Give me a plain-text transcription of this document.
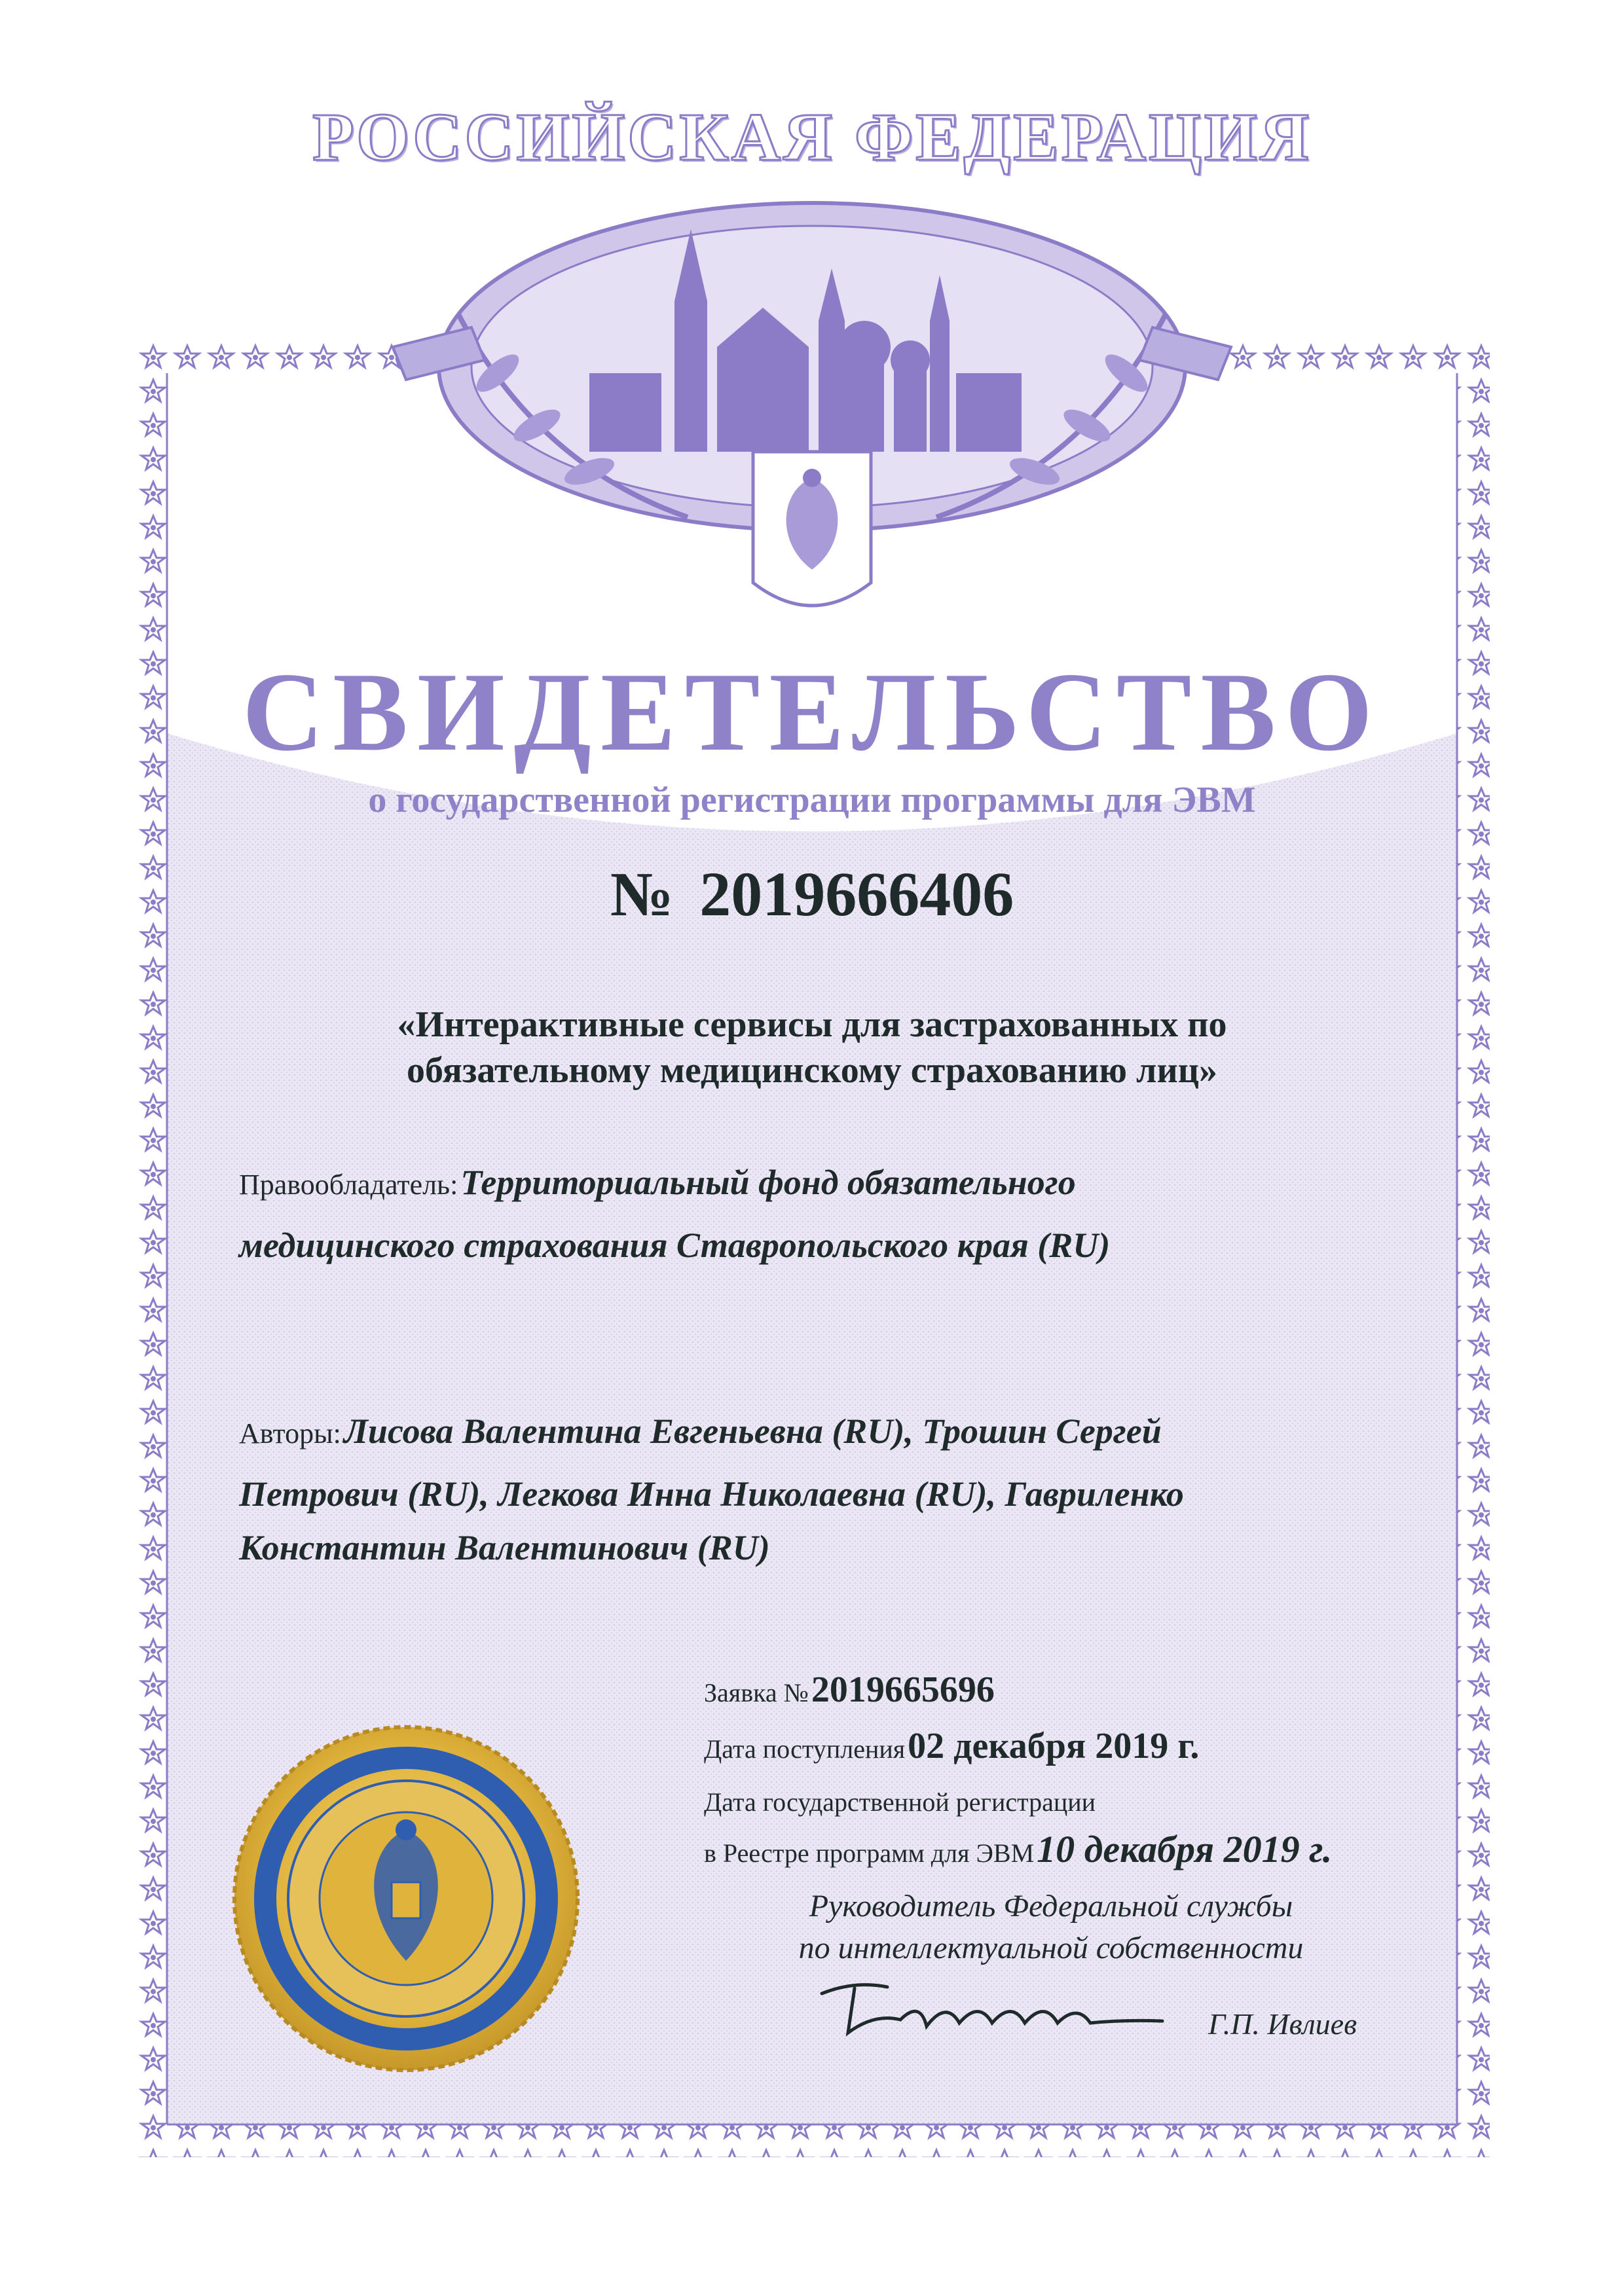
РОССИЙСКАЯ ФЕДЕРАЦИЯ
СВИДЕТЕЛЬСТВО
о государственной регистрации программы для ЭВМ
№ 2019666406
«Интерактивные сервисы для застрахованных по
обязательному медицинскому страхованию лиц»
Правообладатель: Территориальный фонд обязательного
медицинского страхования Ставропольского края (RU)
Авторы: Лисова Валентина Евгеньевна (RU), Трошин Сергей
Петрович (RU), Легкова Инна Николаевна (RU), Гавриленко
Константин Валентинович (RU)
Заявка № 2019665696
Дата поступления 02 декабря 2019 г.
Дата государственной регистрации
в Реестре программ для ЭВМ 10 декабря 2019 г.
Руководитель Федеральной службы
по интеллектуальной собственности
Г.П. Ивлиев
